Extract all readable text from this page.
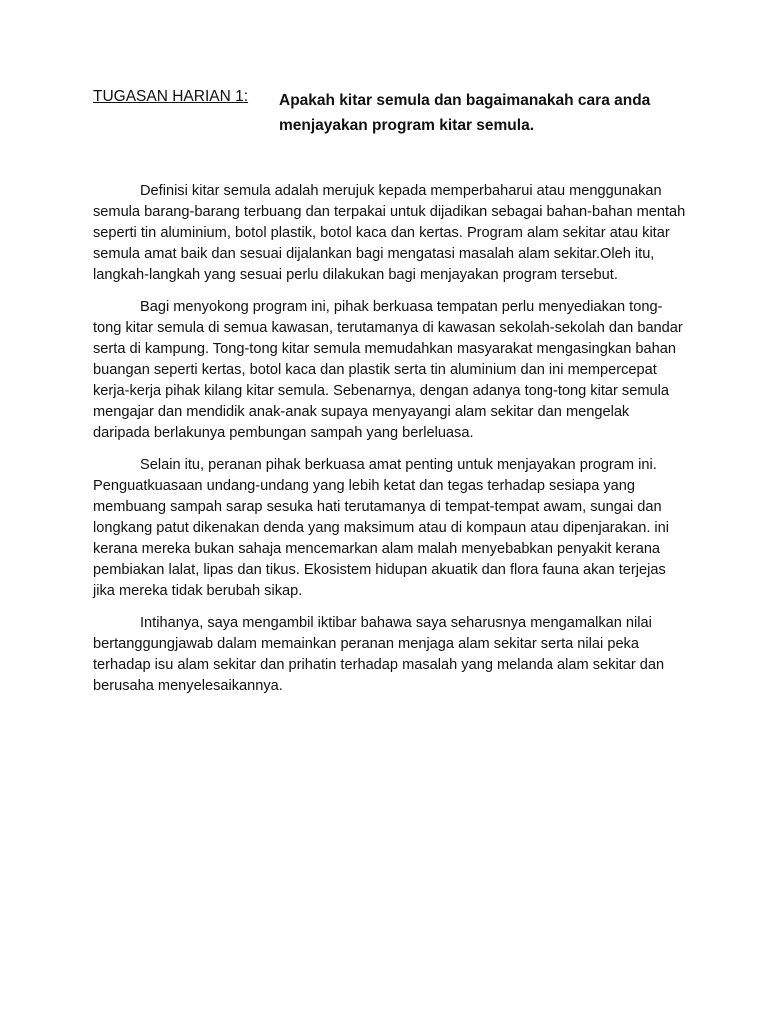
TUGASAN HARIAN 1: Apakah kitar semula dan bagaimanakah cara anda menjayakan program kitar semula.

Definisi kitar semula adalah merujuk kepada memperbaharui atau menggunakan semula barang-barang terbuang dan terpakai untuk dijadikan sebagai bahan-bahan mentah seperti tin aluminium, botol plastik, botol kaca dan kertas. Program alam sekitar atau kitar semula amat baik dan sesuai dijalankan bagi mengatasi masalah alam sekitar.Oleh itu, langkah-langkah yang sesuai perlu dilakukan bagi menjayakan program tersebut.

Bagi menyokong program ini, pihak berkuasa tempatan perlu menyediakan tong-tong kitar semula di semua kawasan, terutamanya di kawasan sekolah-sekolah dan bandar serta di kampung. Tong-tong kitar semula memudahkan masyarakat mengasingkan bahan buangan seperti kertas, botol kaca dan plastik serta tin aluminium dan ini mempercepat kerja-kerja pihak kilang kitar semula. Sebenarnya, dengan adanya tong-tong kitar semula mengajar dan mendidik anak-anak supaya menyayangi alam sekitar dan mengelak daripada berlakunya pembungan sampah yang berleluasa.

Selain itu, peranan pihak berkuasa amat penting untuk menjayakan program ini. Penguatkuasaan undang-undang yang lebih ketat dan tegas terhadap sesiapa yang membuang sampah sarap sesuka hati terutamanya di tempat-tempat awam, sungai dan longkang patut dikenakan denda yang maksimum atau di kompaun atau dipenjarakan. ini kerana mereka bukan sahaja mencemarkan alam malah menyebabkan penyakit kerana pembiakan lalat, lipas dan tikus. Ekosistem hidupan akuatik dan flora fauna akan terjejas jika mereka tidak berubah sikap.

Intihanya, saya mengambil iktibar bahawa saya seharusnya mengamalkan nilai bertanggungjawab dalam memainkan peranan menjaga alam sekitar serta nilai peka terhadap isu alam sekitar dan prihatin terhadap masalah yang melanda alam sekitar dan berusaha menyelesaikannya.
